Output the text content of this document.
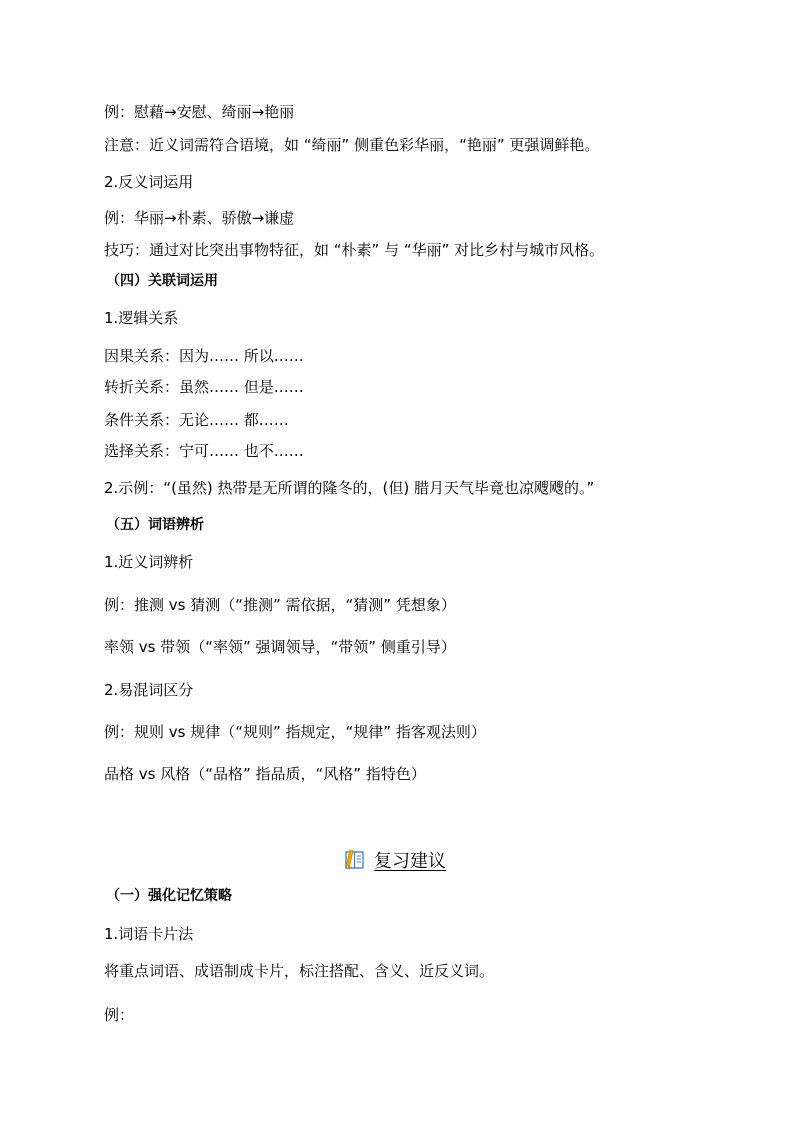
例：慰藉→安慰、绮丽→艳丽
注意：近义词需符合语境，如 “绮丽” 侧重色彩华丽，“艳丽” 更强调鲜艳。
2.反义词运用
例：华丽→朴素、骄傲→谦虚
技巧：通过对比突出事物特征，如 “朴素” 与 “华丽” 对比乡村与城市风格。
（四）关联词运用
1.逻辑关系
因果关系：因为…… 所以……
转折关系：虽然…… 但是……
条件关系：无论…… 都……
选择关系：宁可…… 也不……
2.示例：“(虽然) 热带是无所谓的隆冬的，(但) 腊月天气毕竟也凉飕飕的。”
（五）词语辨析
1.近义词辨析
例：推测 vs 猜测（“推测” 需依据，“猜测” 凭想象）
率领 vs 带领（“率领” 强调领导，“带领” 侧重引导）
2.易混词区分
例：规则 vs 规律（“规则” 指规定，“规律” 指客观法则）
品格 vs 风格（“品格” 指品质，“风格” 指特色）
复习建议
（一）强化记忆策略
1.词语卡片法
将重点词语、成语制成卡片，标注搭配、含义、近反义词。
例：
